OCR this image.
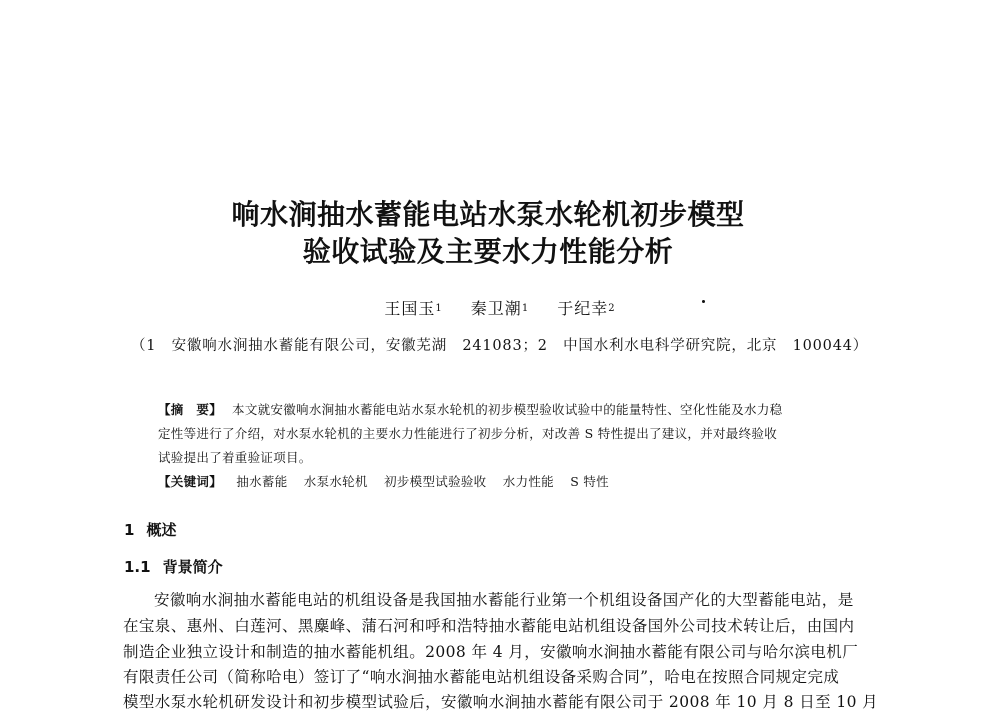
响水涧抽水蓄能电站水泵水轮机初步模型
验收试验及主要水力性能分析
王国玉$^1$ 秦卫潮$^1$ 于纪幸$^2$
（1　安徽响水涧抽水蓄能有限公司，安徽芜湖　241083；2　中国水利水电科学研究院，北京　100044）
【摘　要】 本文就安徽响水涧抽水蓄能电站水泵水轮机的初步模型验收试验中的能量特性、空化性能及水力稳
定性等进行了介绍，对水泵水轮机的主要水力性能进行了初步分析，对改善 S 特性提出了建议，并对最终验收
试验提出了着重验证项目。
【关键词】 抽水蓄能 水泵水轮机 初步模型试验验收 水力性能 S 特性
1 概述
1.1 背景简介
安徽响水涧抽水蓄能电站的机组设备是我国抽水蓄能行业第一个机组设备国产化的大型蓄能电站，是
在宝泉、惠州、白莲河、黑麋峰、蒲石河和呼和浩特抽水蓄能电站机组设备国外公司技术转让后，由国内
制造企业独立设计和制造的抽水蓄能机组。2008 年 4 月，安徽响水涧抽水蓄能有限公司与哈尔滨电机厂
有限责任公司（简称哈电）签订了“响水涧抽水蓄能电站机组设备采购合同”，哈电在按照合同规定完成
模型水泵水轮机研发设计和初步模型试验后，安徽响水涧抽水蓄能有限公司于 2008 年 10 月 8 日至 10 月
